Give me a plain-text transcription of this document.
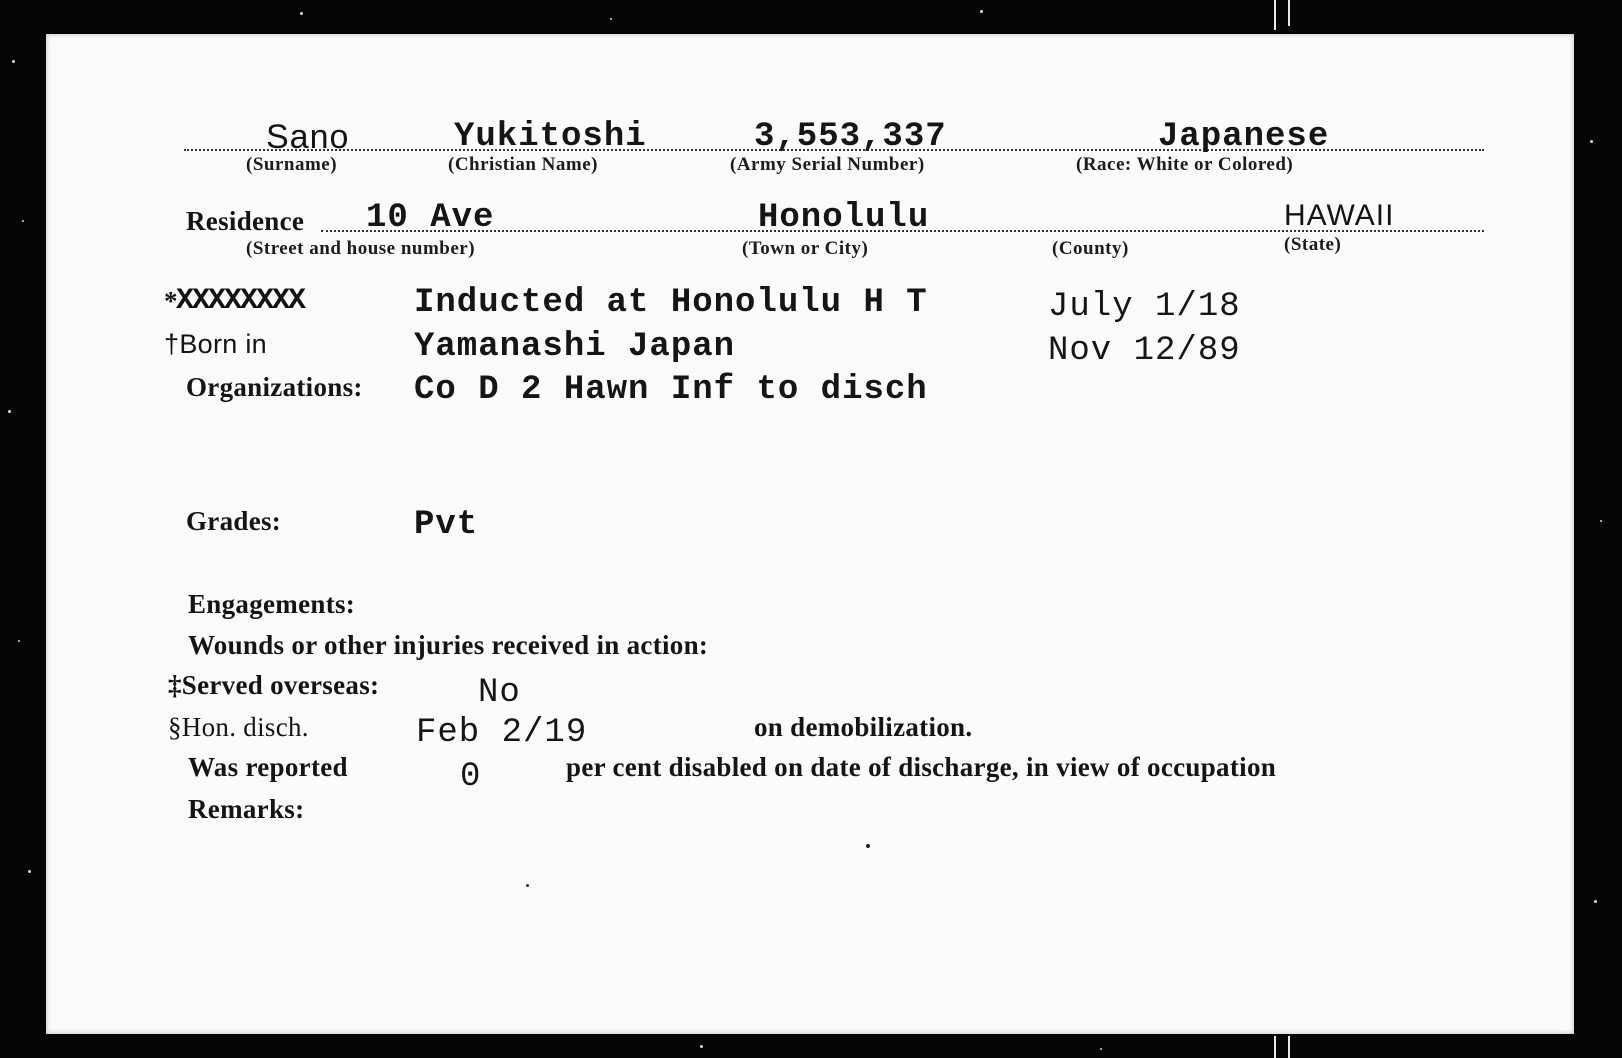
Sano
(Surname)
Yukitoshi
(Christian Name)
3,553,337
(Army Serial Number)
Japanese
(Race: White or Colored)
Residence 10 Ave
(Street and house number)
Honolulu
(Town or City)	(County)
HAWAII
(State)
*
XXXXXXXX	Inducted at Honolulu H T	July 1/18
†Born in	Yamanashi Japan	Nov 12/89
Organizations: Co D 2 Hawn Inf to disch
Grades:	Pvt
Engagements:
Wounds or other injuries received in action:
‡Served overseas:	No
§Hon. disch.	Feb 2/19	on demobilization.
Was reported	0	per cent disabled on date of discharge, in view of occupation
Remarks:
